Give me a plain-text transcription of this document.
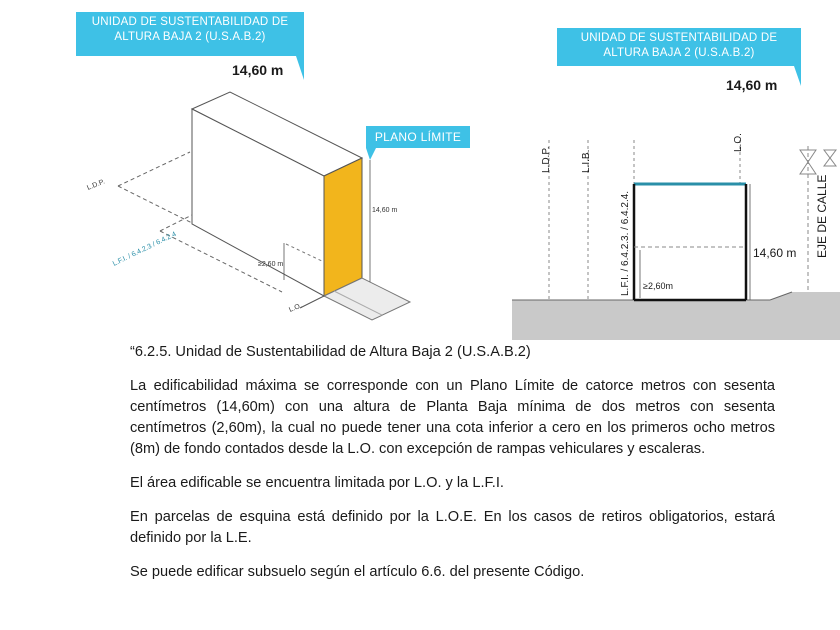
L.F.I. / 6.4.2.3 / 6.4.2.4
L.D.P.
L.O.
14,60 m
≥2,60 m
UNIDAD DE SUSTENTABILIDAD DE ALTURA BAJA 2 (U.S.A.B.2)
14,60 m
PLANO LÍMITE
UNIDAD DE SUSTENTABILIDAD DE ALTURA BAJA 2 (U.S.A.B.2)
14,60 m
L.D.P.	L.I.B.
L.F.I. / 6.4.2.3. / 6.4.2.4.
L.O.
EJE DE CALLE
14,60 m
≥2,60m

“6.2.5. Unidad de Sustentabilidad de Altura Baja 2 (U.S.A.B.2)

La edificabilidad máxima se corresponde con un Plano Límite de catorce metros con sesenta centímetros (14,60m) con una altura de Planta Baja mínima de dos metros con sesenta centímetros (2,60m), la cual no puede tener una cota inferior a cero en los primeros ocho metros (8m) de fondo contados desde la L.O. con excepción de rampas vehiculares y escaleras.

El área edificable se encuentra limitada por L.O. y la L.F.I.

En parcelas de esquina está definido por la L.O.E. En los casos de retiros obligatorios, estará definido por la L.E.

Se puede edificar subsuelo según el artículo 6.6. del presente Código.
